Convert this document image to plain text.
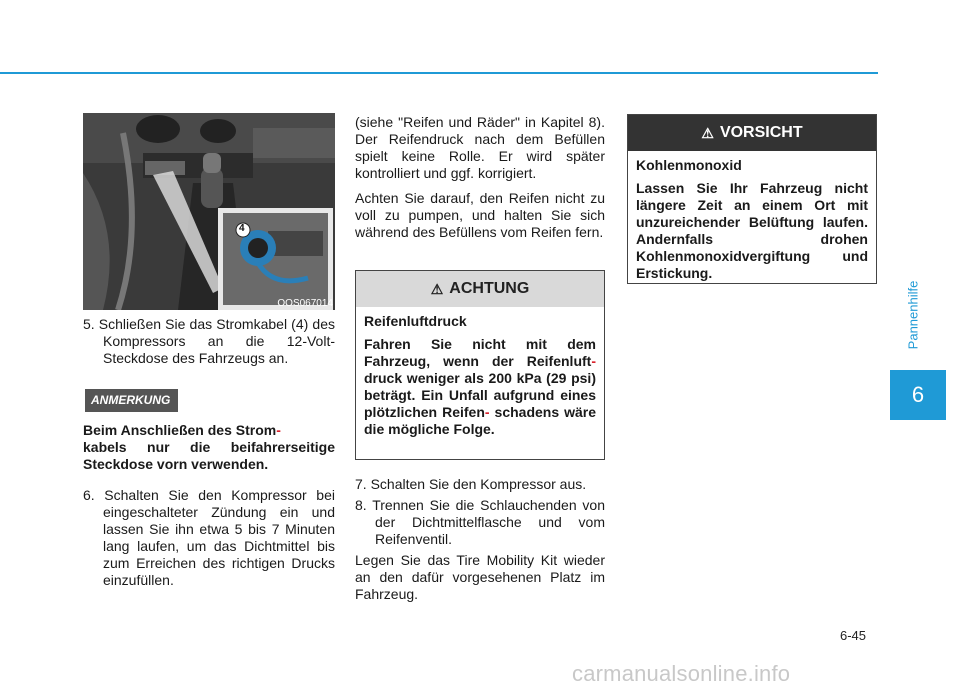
Pannenhilfe
6
4
OOS067014

5. Schließen Sie das Stromkabel (4) des Kompressors an die 12-Volt-Steckdose des Fahrzeugs an.

ANMERKUNG

Beim Anschließen des Strom-
kabels nur die beifahrerseitige Steckdose vorn verwenden.

6. Schalten Sie den Kompressor bei eingeschalteter Zündung ein und lassen Sie ihn etwa 5 bis 7 Minuten lang laufen, um das Dichtmittel bis zum Erreichen des richtigen Drucks einzufüllen.

(siehe "Reifen und Räder" in Kapitel 8). Der Reifendruck nach dem Befüllen spielt keine Rolle. Er wird später kontrolliert und ggf. korrigiert.

Achten Sie darauf, den Reifen nicht zu voll zu pumpen, und halten Sie sich während des Befüllens vom Reifen fern.

⚠ ACHTUNG

Reifenluftdruck

Fahren Sie nicht mit dem Fahrzeug, wenn der Reifenluft- druck weniger als 200 kPa (29 psi) beträgt. Ein Unfall aufgrund eines plötzlichen Reifen- schadens wäre die mögliche Folge.

7. Schalten Sie den Kompressor aus.

8. Trennen Sie die Schlauchenden von der Dichtmittelflasche und vom Reifenventil.

Legen Sie das Tire Mobility Kit wieder an den dafür vorgesehenen Platz im Fahrzeug.

⚠ VORSICHT

Kohlenmonoxid

Lassen Sie Ihr Fahrzeug nicht längere Zeit an einem Ort mit unzureichender Belüftung laufen. Andernfalls drohen Kohlenmonoxidvergiftung und Erstickung.

6-45
carmanualsonline.info
